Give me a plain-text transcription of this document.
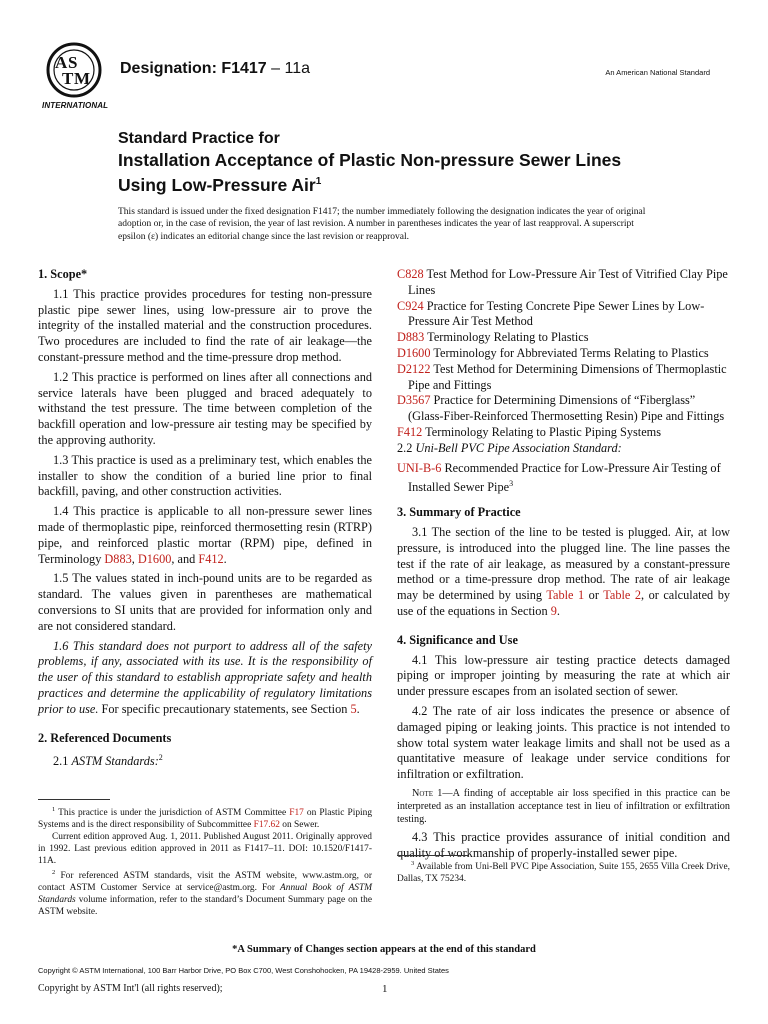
A S
T M
INTERNATIONAL
Designation: F1417 – 11a	An American National Standard
Standard Practice for
Installation Acceptance of Plastic Non-pressure Sewer Lines
Using Low-Pressure Air$^1$
This standard is issued under the fixed designation F1417; the number immediately following the designation indicates the year of original adoption or, in the case of revision, the year of last revision. A number in parentheses indicates the year of last reapproval. A superscript epsilon (ε) indicates an editorial change since the last revision or reapproval.
1. Scope*
1.1 This practice provides procedures for testing non-pressure plastic pipe sewer lines, using low-pressure air to prove the integrity of the installed material and the construction procedures. Two procedures are included to find the rate of air leakage—the constant-pressure method and the time-pressure drop method.
1.2 This practice is performed on lines after all connections and service laterals have been plugged and braced adequately to withstand the test pressure. The time between completion of the backfill operation and low-pressure air testing may be specified by the approving authority.
1.3 This practice is used as a preliminary test, which enables the installer to show the condition of a buried line prior to final backfill, paving, and other construction activities.
1.4 This practice is applicable to all non-pressure sewer lines made of thermoplastic pipe, reinforced thermosetting resin (RTRP) pipe, and reinforced plastic mortar (RPM) pipe, defined in Terminology D883, D1600, and F412.
1.5 The values stated in inch-pound units are to be regarded as standard. The values given in parentheses are mathematical conversions to SI units that are provided for information only and are not considered standard.
1.6 This standard does not purport to address all of the safety problems, if any, associated with its use. It is the responsibility of the user of this standard to establish appropriate safety and health practices and determine the applicability of regulatory limitations prior to use. For specific precautionary statements, see Section 5.
2. Referenced Documents
2.1 ASTM Standards:$^2$
C828 Test Method for Low-Pressure Air Test of Vitrified Clay Pipe Lines
C924 Practice for Testing Concrete Pipe Sewer Lines by Low-Pressure Air Test Method
D883 Terminology Relating to Plastics
D1600 Terminology for Abbreviated Terms Relating to Plastics
D2122 Test Method for Determining Dimensions of Thermoplastic Pipe and Fittings
D3567 Practice for Determining Dimensions of “Fiberglass” (Glass-Fiber-Reinforced Thermosetting Resin) Pipe and Fittings
F412 Terminology Relating to Plastic Piping Systems
2.2 Uni-Bell PVC Pipe Association Standard:
UNI-B-6 Recommended Practice for Low-Pressure Air Testing of Installed Sewer Pipe$^3$
3. Summary of Practice
3.1 The section of the line to be tested is plugged. Air, at low pressure, is introduced into the plugged line. The line passes the test if the rate of air leakage, as measured by a constant-pressure method or a time-pressure drop method. The rate of air leakage may be determined by using Table 1 or Table 2, or calculated by use of the equations in Section 9.
4. Significance and Use
4.1 This low-pressure air testing practice detects damaged piping or improper jointing by measuring the rate at which air under pressure escapes from an isolated section of sewer.
4.2 The rate of air loss indicates the presence or absence of damaged piping or leaking joints. This practice is not intended to show total system water leakage limits and shall not be used as a quantitative measure of leakage under service conditions for infiltration or exfiltration.
Note 1—A finding of acceptable air loss specified in this practice can be interpreted as an installation acceptance test in lieu of infiltration or exfiltration testing.
4.3 This practice provides assurance of initial condition and quality of workmanship of properly-installed sewer pipe.
$^1$ This practice is under the jurisdiction of ASTM Committee F17 on Plastic Piping Systems and is the direct responsibility of Subcommittee F17.62 on Sewer.
Current edition approved Aug. 1, 2011. Published August 2011. Originally approved in 1992. Last previous edition approved in 2011 as F1417–11. DOI: 10.1520/F1417-11A.
$^2$ For referenced ASTM standards, visit the ASTM website, www.astm.org, or contact ASTM Customer Service at service@astm.org. For Annual Book of ASTM Standards volume information, refer to the standard’s Document Summary page on the ASTM website.
$^3$ Available from Uni-Bell PVC Pipe Association, Suite 155, 2655 Villa Creek Drive, Dallas, TX 75234.
*A Summary of Changes section appears at the end of this standard
Copyright © ASTM International, 100 Barr Harbor Drive, PO Box C700, West Conshohocken, PA 19428-2959. United States
Copyright by ASTM Int'l (all rights reserved);	1
